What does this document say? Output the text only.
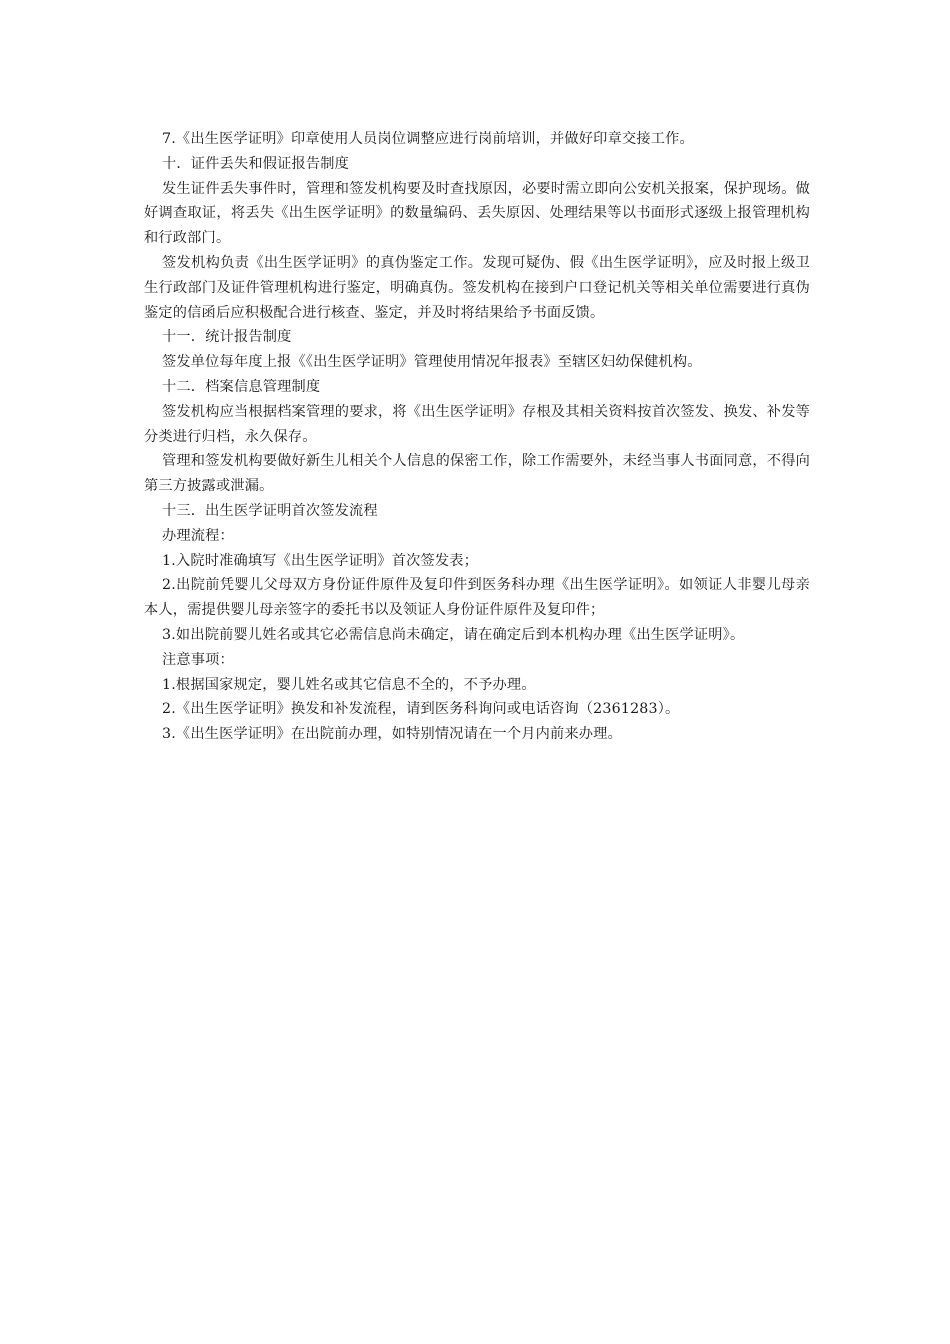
7.《出生医学证明》印章使用人员岗位调整应进行岗前培训，并做好印章交接工作。

十．证件丢失和假证报告制度

发生证件丢失事件时，管理和签发机构要及时查找原因，必要时需立即向公安机关报案，保护现场。做好调查取证，将丢失《出生医学证明》的数量编码、丢失原因、处理结果等以书面形式逐级上报管理机构和行政部门。

签发机构负责《出生医学证明》的真伪鉴定工作。发现可疑伪、假《出生医学证明》，应及时报上级卫生行政部门及证件管理机构进行鉴定，明确真伪。签发机构在接到户口登记机关等相关单位需要进行真伪鉴定的信函后应积极配合进行核查、鉴定，并及时将结果给予书面反馈。

十一．统计报告制度

签发单位每年度上报《《出生医学证明》管理使用情况年报表》至辖区妇幼保健机构。

十二．档案信息管理制度

签发机构应当根据档案管理的要求，将《出生医学证明》存根及其相关资料按首次签发、换发、补发等分类进行归档，永久保存。

管理和签发机构要做好新生儿相关个人信息的保密工作，除工作需要外，未经当事人书面同意，不得向第三方披露或泄漏。

十三．出生医学证明首次签发流程

办理流程：

1.入院时准确填写《出生医学证明》首次签发表；

2.出院前凭婴儿父母双方身份证件原件及复印件到医务科办理《出生医学证明》。如领证人非婴儿母亲本人，需提供婴儿母亲签字的委托书以及领证人身份证件原件及复印件；

3.如出院前婴儿姓名或其它必需信息尚未确定，请在确定后到本机构办理《出生医学证明》。

注意事项：

1.根据国家规定，婴儿姓名或其它信息不全的，不予办理。

2.《出生医学证明》换发和补发流程，请到医务科询问或电话咨询（2361283）。

3.《出生医学证明》在出院前办理，如特别情况请在一个月内前来办理。
